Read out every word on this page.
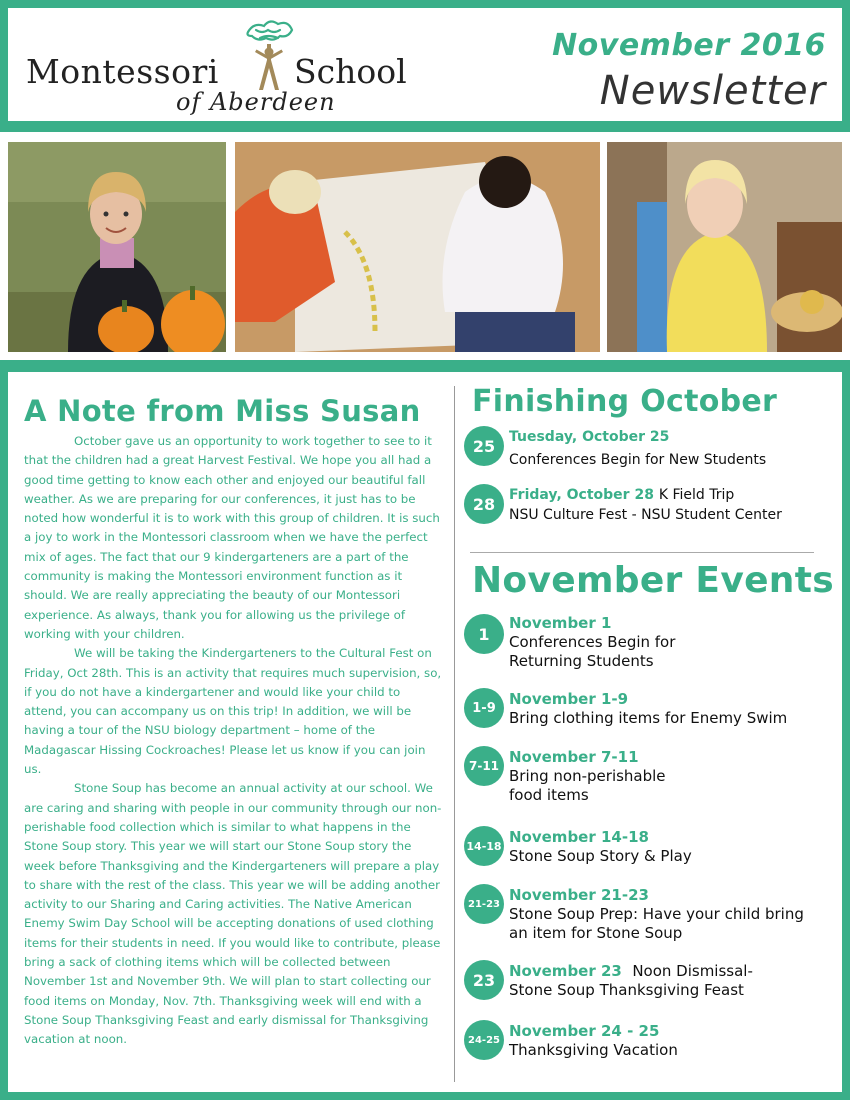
Montessori School
of Aberdeen
November 2016
Newsletter
A Note from Miss Susan

October gave us an opportunity to work together to see to it that the children had a great Harvest Festival. We hope you all had a good time getting to know each other and enjoyed our beautiful fall weather. As we are preparing for our conferences, it just has to be noted how wonderful it is to work with this group of children. It is such a joy to work in the Montessori classroom when we have the perfect mix of ages. The fact that our 9 kindergarteners are a part of the community is making the Montessori environment function as it should. We are really appreciating the beauty of our Montessori experience. As always, thank you for allowing us the privilege of working with your children.

We will be taking the Kindergarteners to the Cultural Fest on Friday, Oct 28th. This is an activity that requires much supervision, so, if you do not have a kindergartener and would like your child to attend, you can accompany us on this trip! In addition, we will be having a tour of the NSU biology department – home of the Madagascar Hissing Cockroaches! Please let us know if you can join us.

Stone Soup has become an annual activity at our school. We are caring and sharing with people in our community through our non-perishable food collection which is similar to what happens in the Stone Soup story. This year we will start our Stone Soup story the week before Thanksgiving and the Kindergarteners will prepare a play to share with the rest of the class. This year we will be adding another activity to our Sharing and Caring activities. The Native American Enemy Swim Day School will be accepting donations of used clothing items for their students in need. If you would like to contribute, please bring a sack of clothing items which will be collected between November 1st and November 9th. We will plan to start collecting our food items on Monday, Nov. 7th. Thanksgiving week will end with a Stone Soup Thanksgiving Feast and early dismissal for Thanksgiving vacation at noon.

Finishing October
25 Tuesday, October 25
Conferences Begin for New Students
28 Friday, October 28 K Field Trip
NSU Culture Fest - NSU Student Center
November Events
1
November 1
Conferences Begin for Returning Students
1-9 November 1-9
Bring clothing items for Enemy Swim
7-11 November 7-11
Bring non-perishable food items
14-18 November 14-18
Stone Soup Story & Play
21-23 November 21-23
Stone Soup Prep: Have your child bring an item for Stone Soup
23 November 23 Noon Dismissal-
Stone Soup Thanksgiving Feast
24-25 November 24 - 25
Thanksgiving Vacation
